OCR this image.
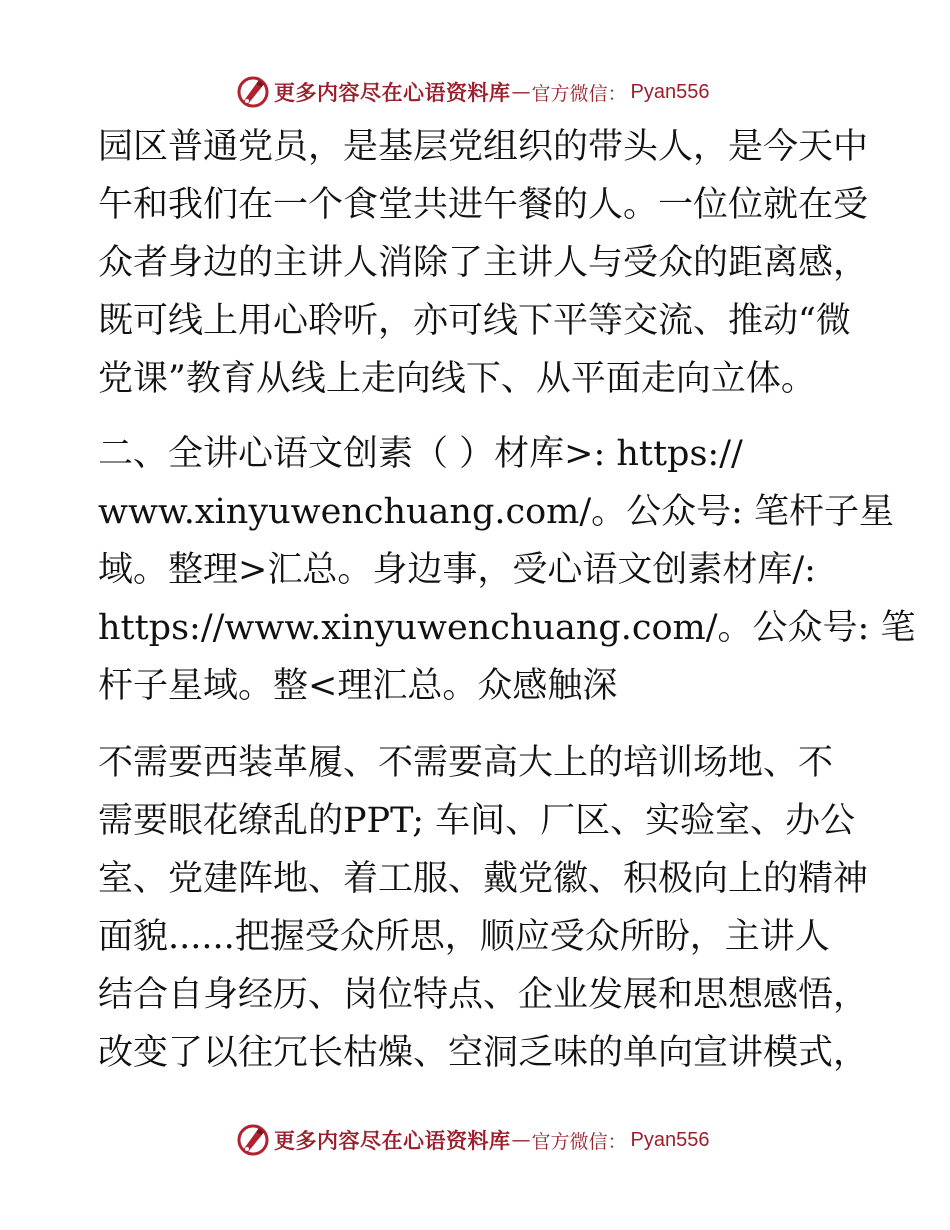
更多内容尽在心语资料库 — 官方微信： Pyan556
园区普通党员，是基层党组织的带头人，是今天中
午和我们在一个食堂共进午餐的人。一位位就在受
众者身边的主讲人消除了主讲人与受众的距离感，
既可线上用心聆听，亦可线下平等交流、推动“微
党课”教育从线上走向线下、从平面走向立体。
二、全讲心语文创素（ ）材库>: https://
www.xinyuwenchuang.com/。公众号: 笔杆子星
域。整理>汇总。身边事，受心语文创素材库/:
https://www.xinyuwenchuang.com/。公众号: 笔
杆子星域。整<理汇总。众感触深
不需要西装革履、不需要高大上的培训场地、不
需要眼花缭乱的PPT; 车间、厂区、实验室、办公
室、党建阵地、着工服、戴党徽、积极向上的精神
面貌......把握受众所思，顺应受众所盼，主讲人
结合自身经历、岗位特点、企业发展和思想感悟，
改变了以往冗长枯燥、空洞乏味的单向宣讲模式，
更多内容尽在心语资料库 — 官方微信： Pyan556
